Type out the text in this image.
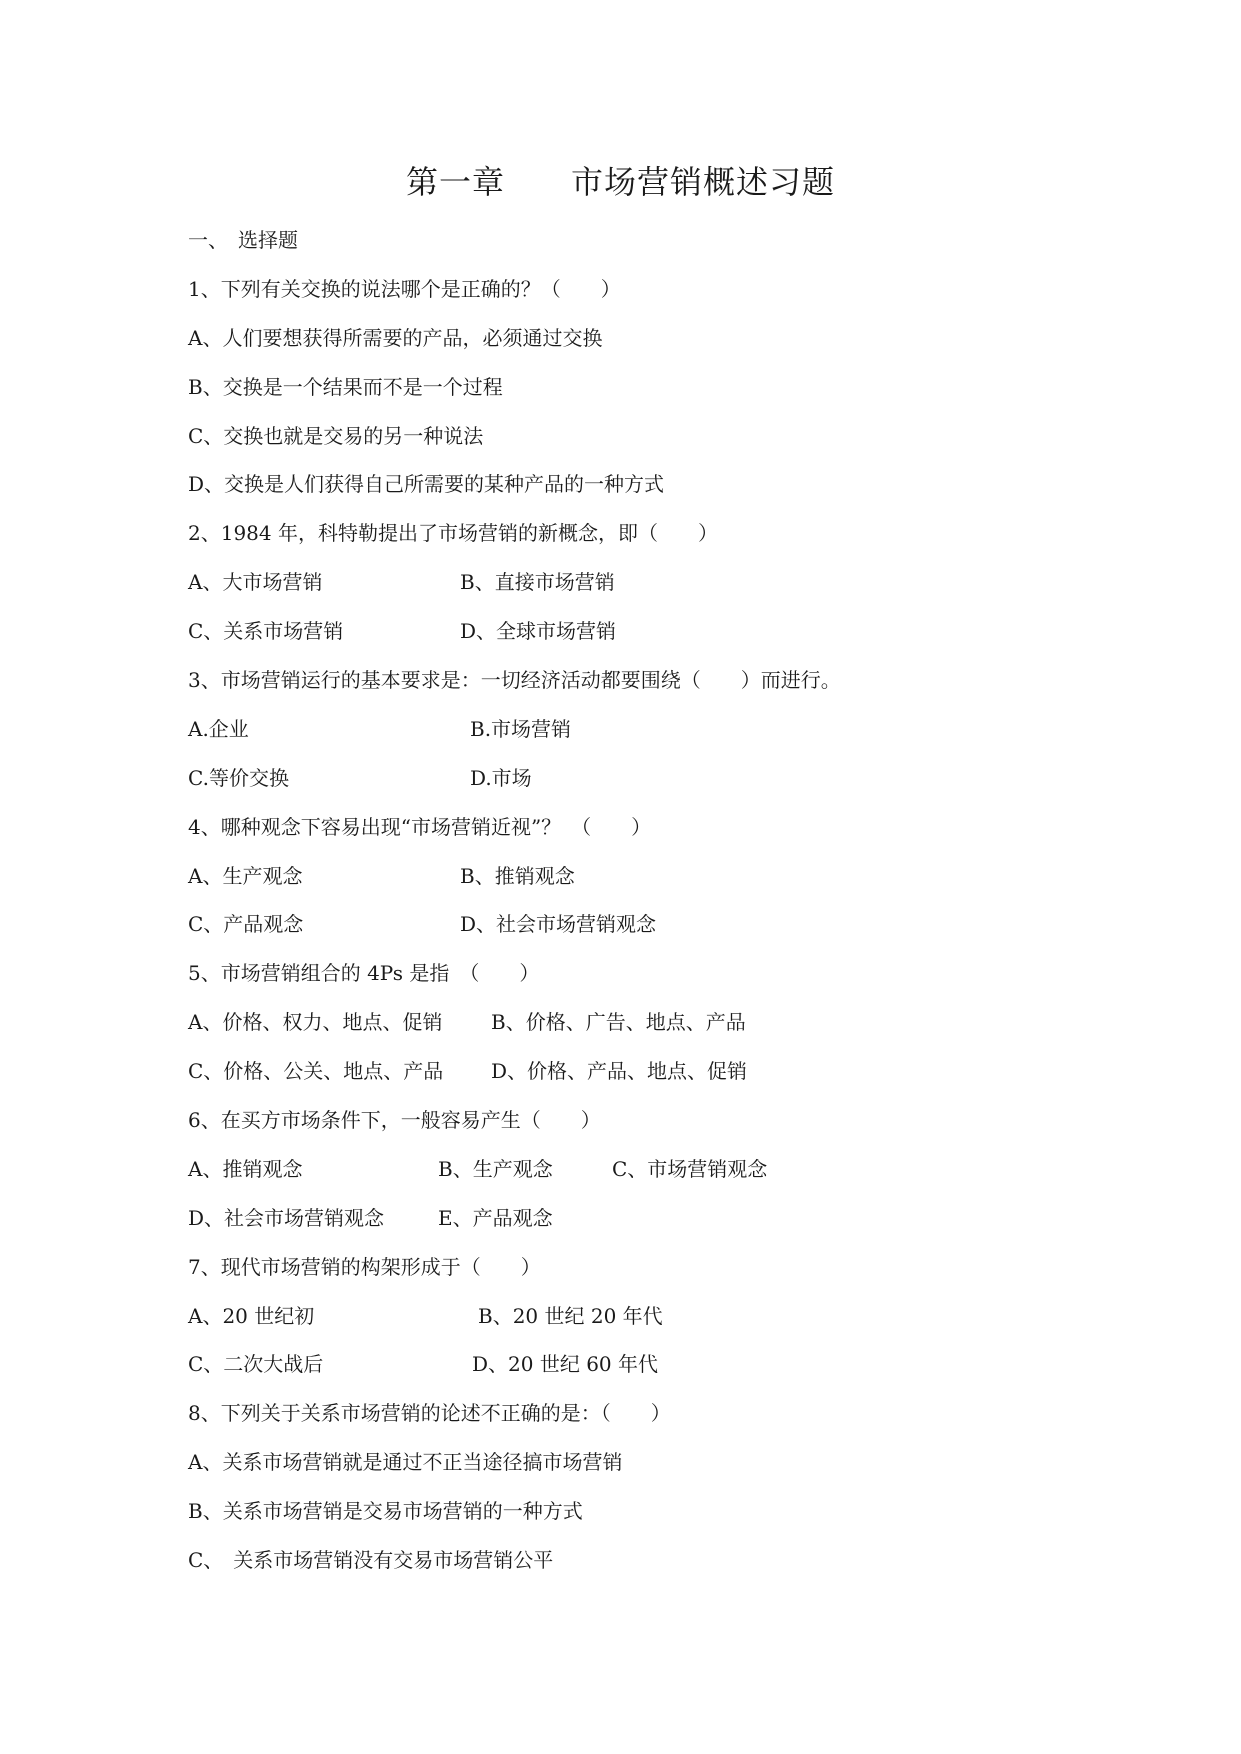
第一章　　市场营销概述习题
一、　选择题
1、下列有关交换的说法哪个是正确的？（　　）
A、人们要想获得所需要的产品，必须通过交换
B、交换是一个结果而不是一个过程
C、交换也就是交易的另一种说法
D、交换是人们获得自己所需要的某种产品的一种方式
2、1984 年，科特勒提出了市场营销的新概念，即（　　）
A、大市场营销	B、直接市场营销
C、关系市场营销	D、全球市场营销
3、市场营销运行的基本要求是：一切经济活动都要围绕（　　）而进行。
A.企业	B.市场营销
C.等价交换	D.市场
4、哪种观念下容易出现“市场营销近视”？　（　　）
A、生产观念	B、推销观念
C、产品观念	D、社会市场营销观念
5、市场营销组合的 4Ps 是指　（　　）
A、价格、权力、地点、促销 B、价格、广告、地点、产品
C、价格、公关、地点、产品 D、价格、产品、地点、促销
6、在买方市场条件下，一般容易产生（　　）
A、推销观念	B、生产观念	C、市场营销观念
D、社会市场营销观念	E、产品观念
7、现代市场营销的构架形成于（　　）
A、20 世纪初	B、20 世纪 20 年代
C、二次大战后	D、20 世纪 60 年代
8、下列关于关系市场营销的论述不正确的是：（　　）
A、关系市场营销就是通过不正当途径搞市场营销
B、关系市场营销是交易市场营销的一种方式
C、　关系市场营销没有交易市场营销公平
